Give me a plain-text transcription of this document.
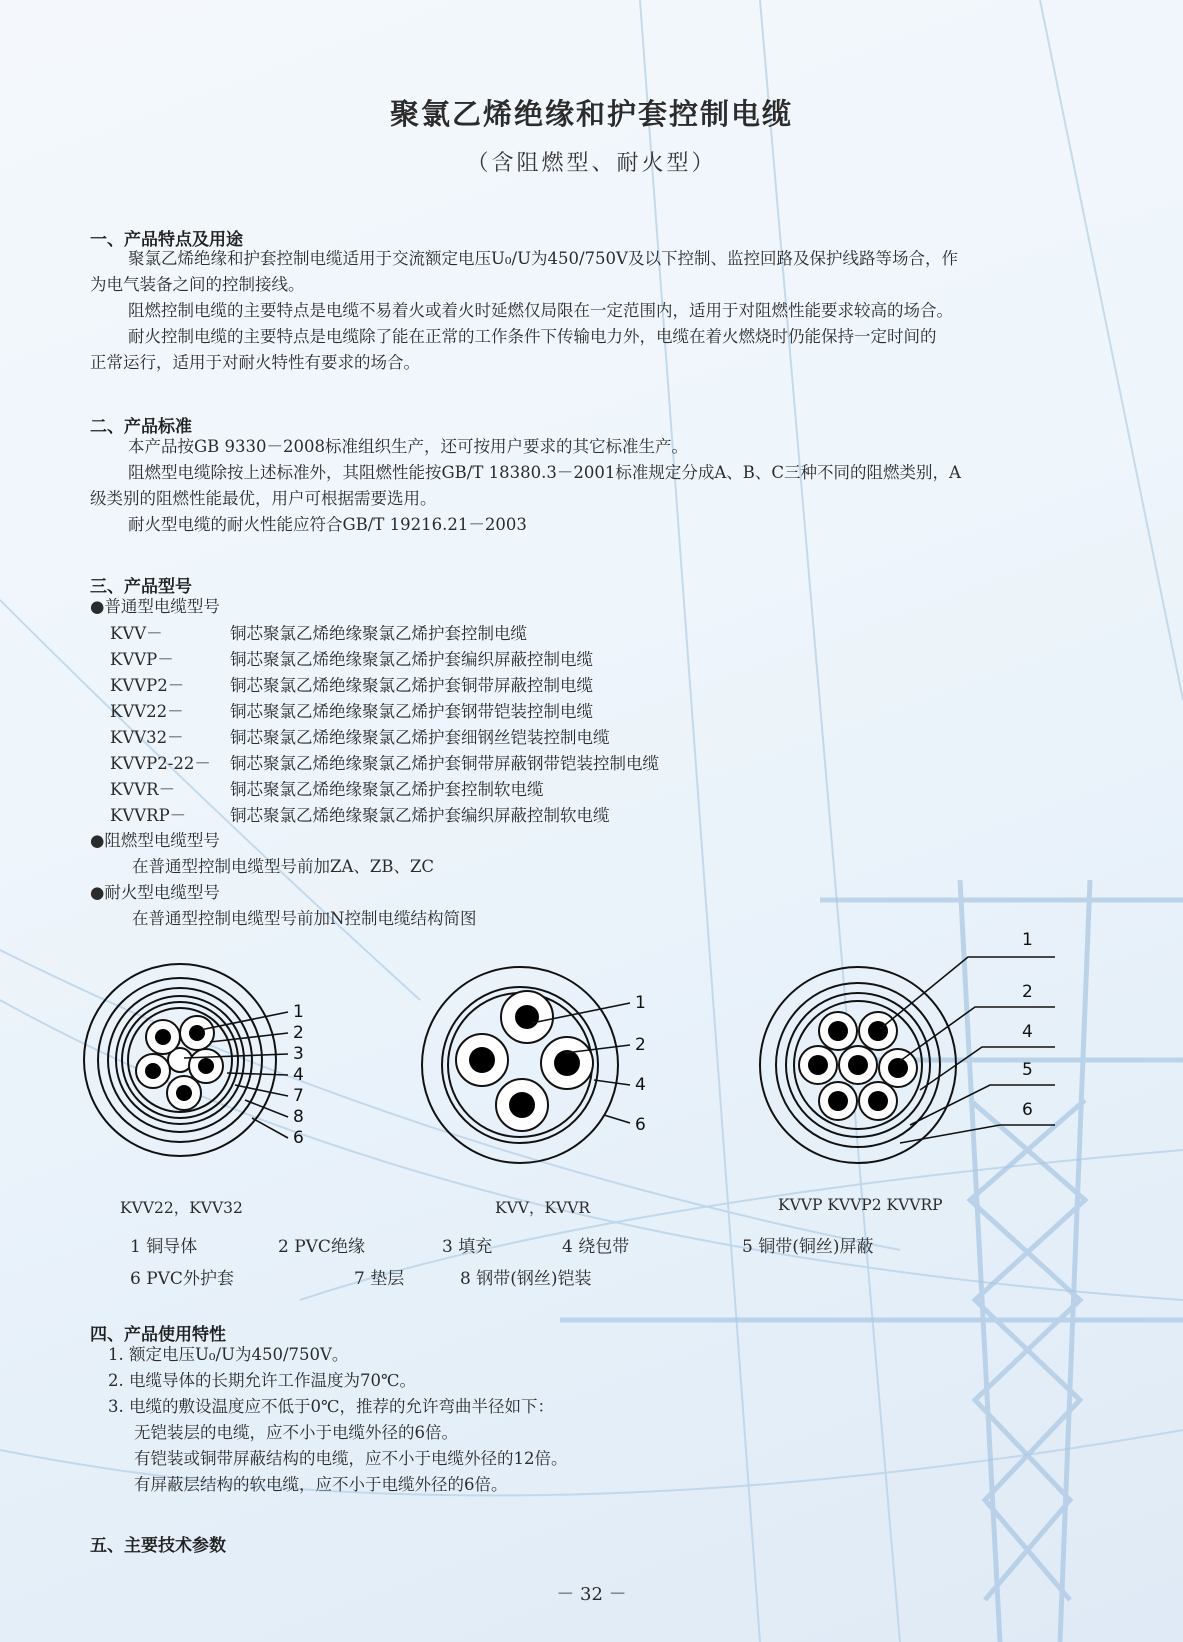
聚氯乙烯绝缘和护套控制电缆
（含阻燃型、耐火型）
一、产品特点及用途
聚氯乙烯绝缘和护套控制电缆适用于交流额定电压U₀/U为450/750V及以下控制、监控回路及保护线路等场合，作
为电气装备之间的控制接线。
阻燃控制电缆的主要特点是电缆不易着火或着火时延燃仅局限在一定范围内，适用于对阻燃性能要求较高的场合。
耐火控制电缆的主要特点是电缆除了能在正常的工作条件下传输电力外，电缆在着火燃烧时仍能保持一定时间的
正常运行，适用于对耐火特性有要求的场合。
二、产品标准
本产品按GB 9330－2008标准组织生产，还可按用户要求的其它标准生产。
阻燃型电缆除按上述标准外，其阻燃性能按GB/T 18380.3－2001标准规定分成A、B、C三种不同的阻燃类别，A
级类别的阻燃性能最优，用户可根据需要选用。
耐火型电缆的耐火性能应符合GB/T 19216.21－2003
三、产品型号
●普通型电缆型号
KVV－	铜芯聚氯乙烯绝缘聚氯乙烯护套控制电缆
KVVP－	铜芯聚氯乙烯绝缘聚氯乙烯护套编织屏蔽控制电缆
KVVP2－	铜芯聚氯乙烯绝缘聚氯乙烯护套铜带屏蔽控制电缆
KVV22－	铜芯聚氯乙烯绝缘聚氯乙烯护套钢带铠装控制电缆
KVV32－	铜芯聚氯乙烯绝缘聚氯乙烯护套细钢丝铠装控制电缆
KVVP2-22－ 铜芯聚氯乙烯绝缘聚氯乙烯护套铜带屏蔽钢带铠装控制电缆
KVVR－	铜芯聚氯乙烯绝缘聚氯乙烯护套控制软电缆
KVVRP－	铜芯聚氯乙烯绝缘聚氯乙烯护套编织屏蔽控制软电缆
●阻燃型电缆型号
在普通型控制电缆型号前加ZA、ZB、ZC
●耐火型电缆型号
在普通型控制电缆型号前加N控制电缆结构简图
1
2
3
4
7
8
6
1
2
4
6
1
2
4
5
6
KVV22，KVV32	KVV，KVVR	KVVP KVVP2 KVVRP
1 铜导体	2 PVC绝缘	3 填充	4 绕包带	5 铜带(铜丝)屏蔽
6 PVC外护套	7 垫层	8 钢带(钢丝)铠装
四、产品使用特性
1. 额定电压U₀/U为450/750V。
2. 电缆导体的长期允许工作温度为70℃。
3. 电缆的敷设温度应不低于0℃，推荐的允许弯曲半径如下：
无铠装层的电缆，应不小于电缆外径的6倍。
有铠装或铜带屏蔽结构的电缆，应不小于电缆外径的12倍。
有屏蔽层结构的软电缆，应不小于电缆外径的6倍。
五、主要技术参数
－ 32 －
